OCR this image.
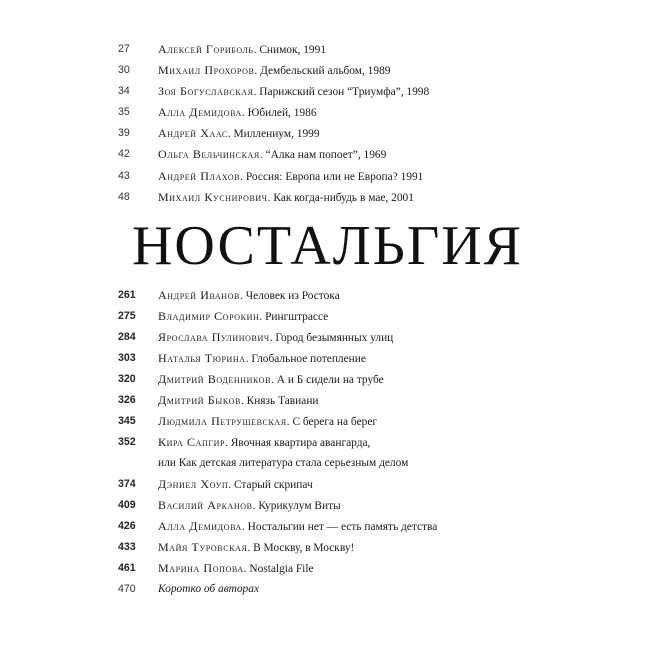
27	Алексей Гориболь. Снимок, 1991
30	Михаил Прохоров. Дембельский альбом, 1989
34	Зоя Богуславская. Парижский сезон “Триумфа”, 1998
35	Алла Демидова. Юбилей, 1986
39	Андрей Хаас. Миллениум, 1999
42	Ольга Вельчинская. “Алка нам попоет”, 1969
43	Андрей Плахов. Россия: Европа или не Европа? 1991
48	Михаил Куснирович. Как когда-нибудь в мае, 2001
НОСТАЛЬГИЯ
261	Андрей Иванов. Человек из Ростока
275	Владимир Сорокин. Рингштрассе
284	Ярослава Пулинович. Город безымянных улиц
303	Наталья Тюрина. Глобальное потепление
320	Дмитрий Воденников. А и Б сидели на трубе
326	Дмитрий Быков. Князь Тавиани
345	Людмила Петрушевская. С берега на берег
352	Кира Сапгир. Явочная квартира авангарда,
или Как детская литература стала серьезным делом
374	Дэниел Хоуп. Старый скрипач
409	Василий Арканов. Курикулум Виты
426	Алла Демидова. Ностальгии нет — есть память детства
433	Майя Туровская. В Москву, в Москву!
461	Марина Попова. Nostalgia File
470	Коротко об авторах
